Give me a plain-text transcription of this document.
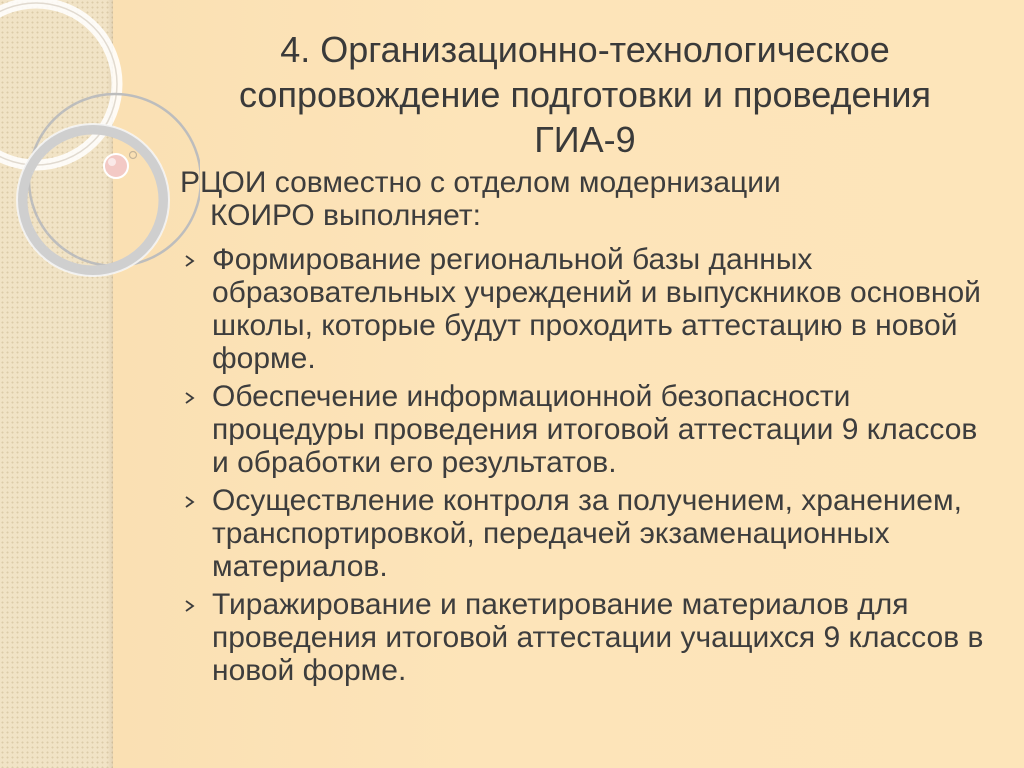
4. Организационно-технологическое
сопровождение подготовки и проведения
ГИА-9
РЦОИ совместно с отделом модернизации
КОИРО выполняет:
Формирование региональной базы данных образовательных учреждений и выпускников основной школы, которые будут проходить аттестацию в новой форме.
Обеспечение информационной безопасности процедуры проведения итоговой аттестации 9 классов и обработки его результатов.
Осуществление контроля за получением, хранением, транспортировкой, передачей экзаменационных материалов.
Тиражирование и пакетирование материалов для проведения итоговой аттестации учащихся 9 классов в новой форме.
